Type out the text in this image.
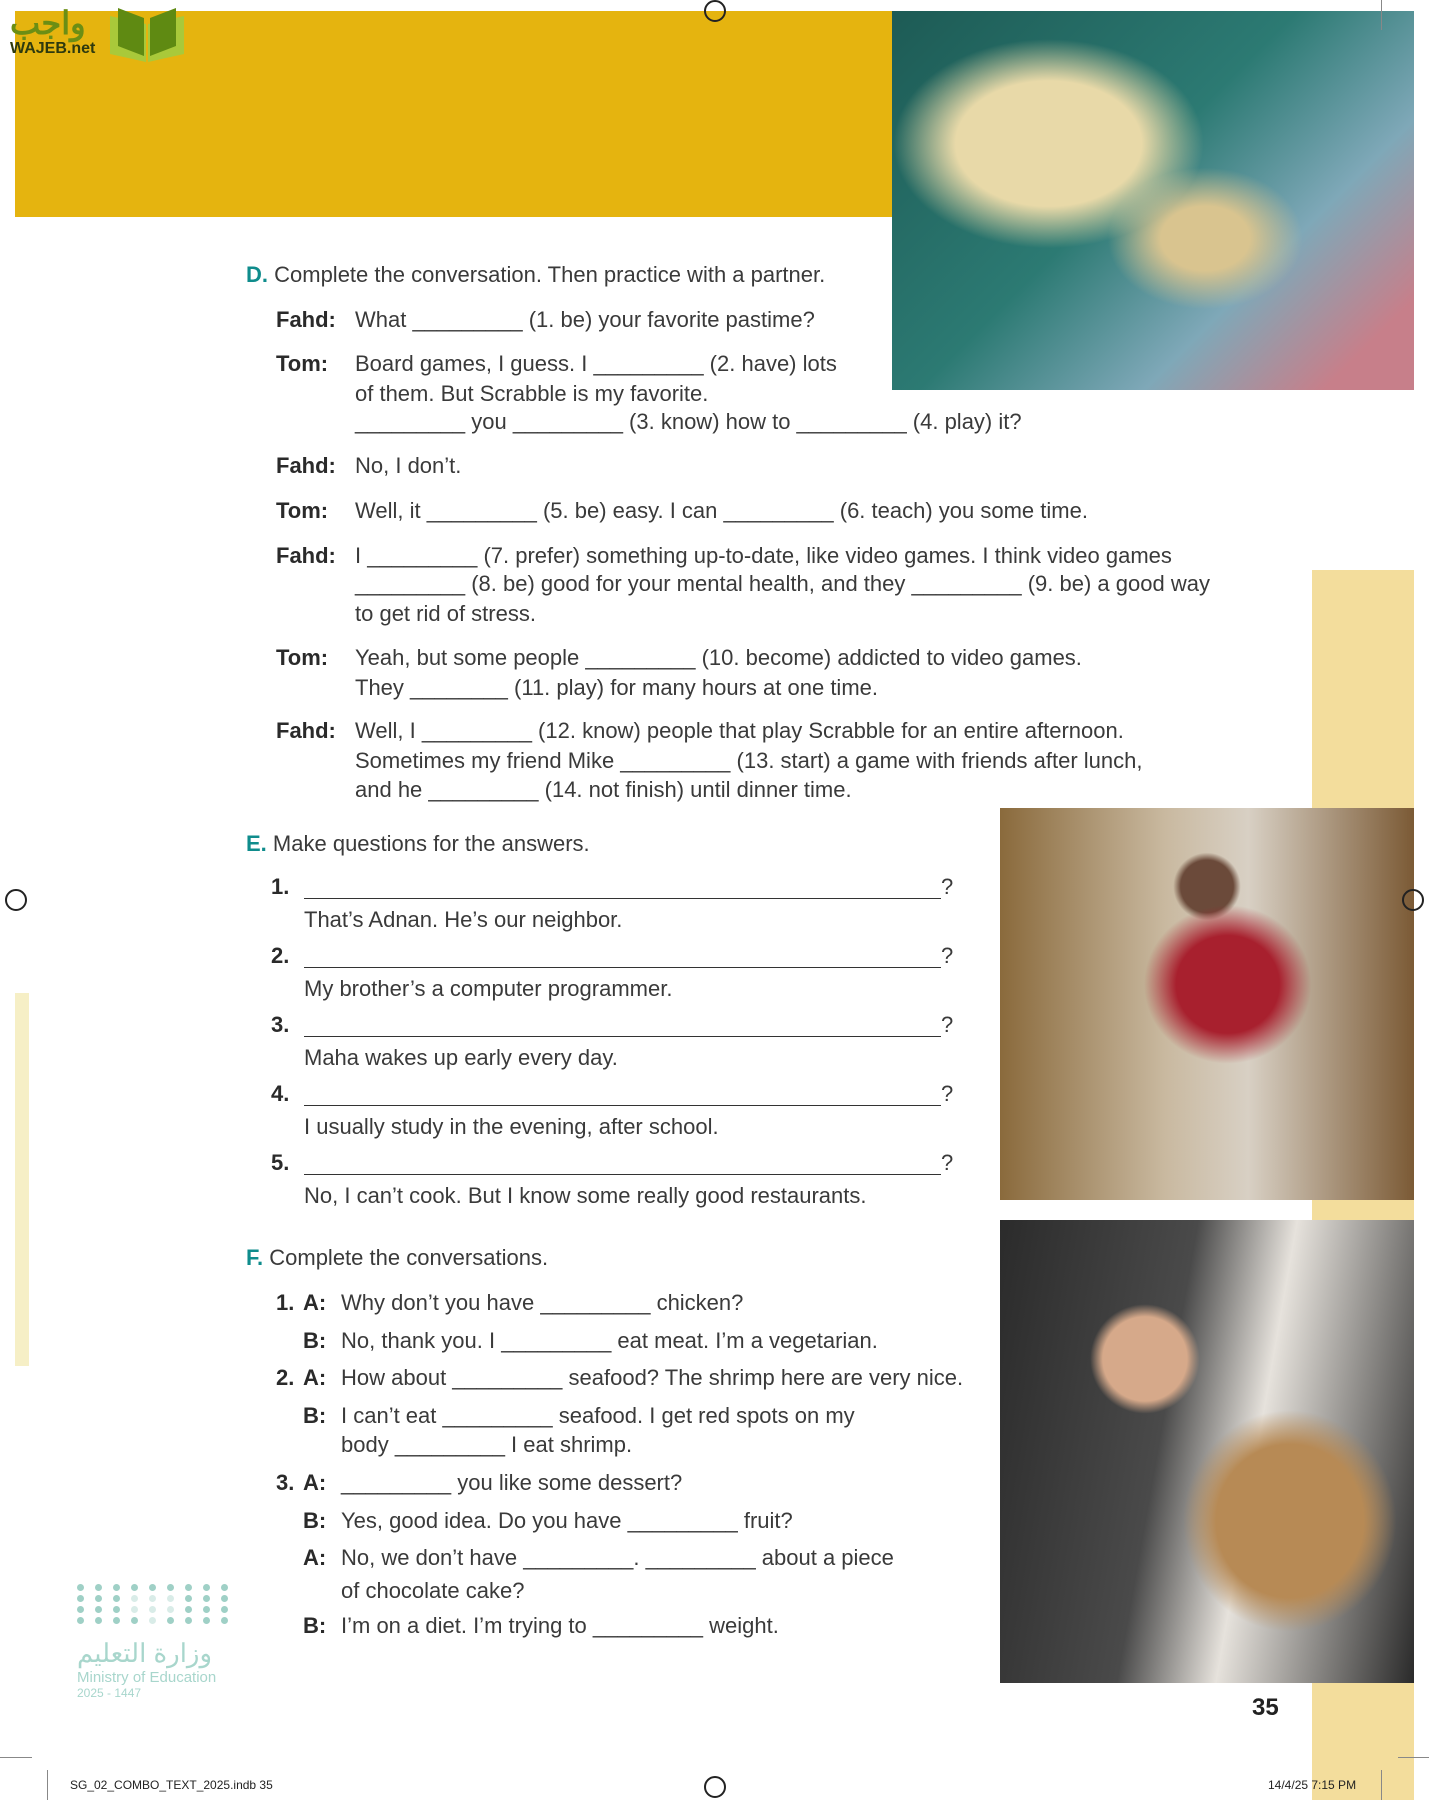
واجب
WAJEB.net
D. Complete the conversation. Then practice with a partner.
Fahd: What _________ (1. be) your favorite pastime?
Tom: Board games, I guess. I _________ (2. have) lots
of them. But Scrabble is my favorite.
_________ you _________ (3. know) how to _________ (4. play) it?
Fahd: No, I don’t.
Tom: Well, it _________ (5. be) easy. I can _________ (6. teach) you some time.
Fahd: I _________ (7. prefer) something up-to-date, like video games. I think video games
_________ (8. be) good for your mental health, and they _________ (9. be) a good way
to get rid of stress.
Tom: Yeah, but some people _________ (10. become) addicted to video games.
They ________ (11. play) for many hours at one time.
Fahd: Well, I _________ (12. know) people that play Scrabble for an entire afternoon.
Sometimes my friend Mike _________ (13. start) a game with friends after lunch,
and he _________ (14. not finish) until dinner time.
E. Make questions for the answers.
1.	?
That’s Adnan. He’s our neighbor.
2.	?
My brother’s a computer programmer.
3.	?
Maha wakes up early every day.
4.	?
I usually study in the evening, after school.
5.	?
No, I can’t cook. But I know some really good restaurants.
F. Complete the conversations.
1. A: Why don’t you have _________ chicken?
B: No, thank you. I _________ eat meat. I’m a vegetarian.
2. A: How about _________ seafood? The shrimp here are very nice.
B: I can’t eat _________ seafood. I get red spots on my
body _________ I eat shrimp.
3. A: _________ you like some dessert?
B: Yes, good idea. Do you have _________ fruit?
A: No, we don’t have _________. _________ about a piece
of chocolate cake?
B: I’m on a diet. I’m trying to _________ weight.
وزارة التعليم
Ministry of Education
2025 - 1447
35
SG_02_COMBO_TEXT_2025.indb 35	14/4/25 7:15 PM
